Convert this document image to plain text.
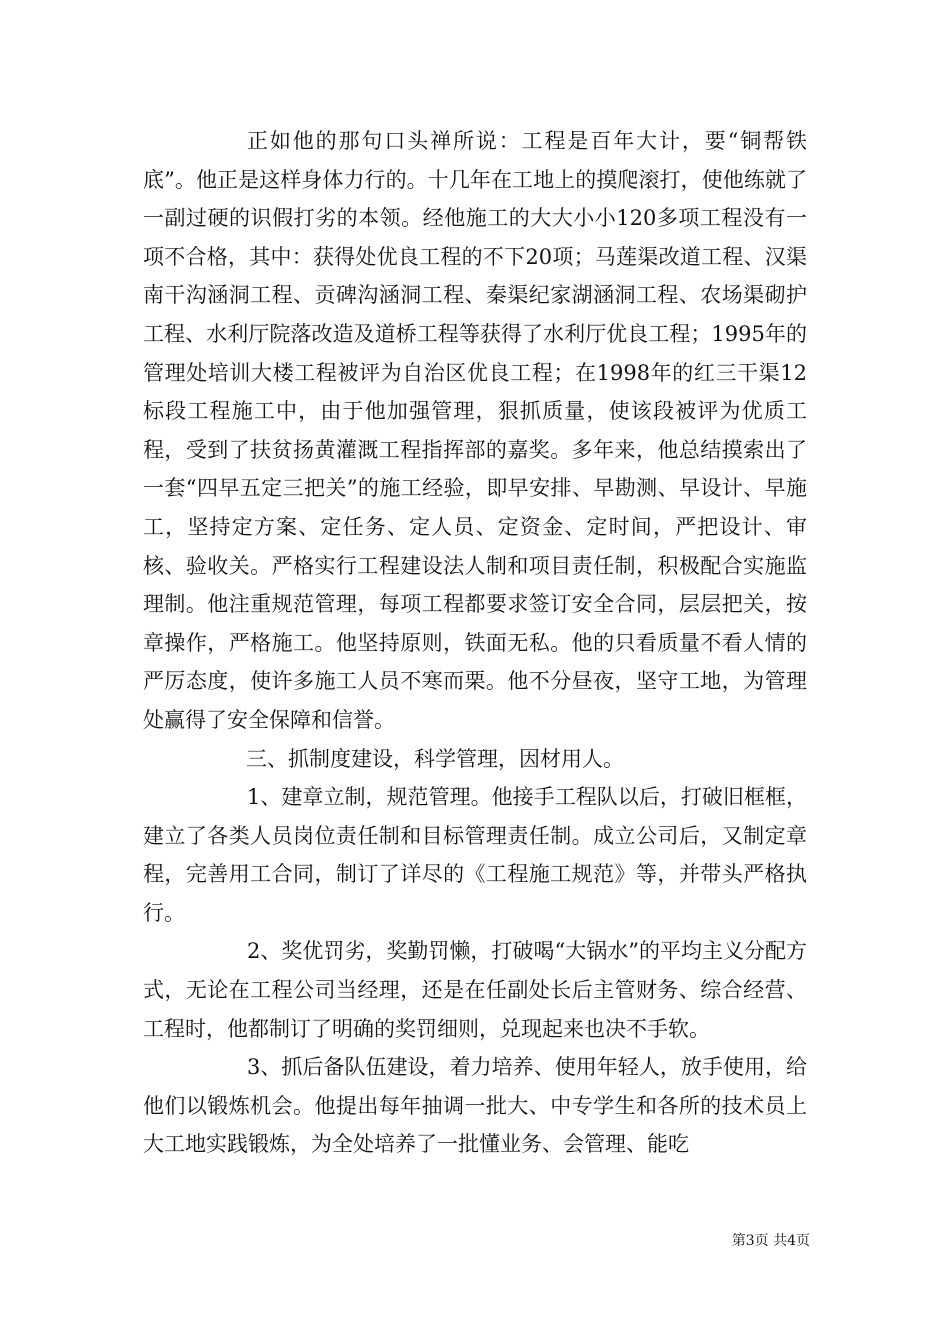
正如他的那句口头禅所说：工程是百年大计，要“铜帮铁底”。他正是这样身体力行的。十几年在工地上的摸爬滚打，使他练就了一副过硬的识假打劣的本领。经他施工的大大小小120多项工程没有一项不合格，其中：获得处优良工程的不下20项；马莲渠改道工程、汉渠南干沟涵洞工程、贡碑沟涵洞工程、秦渠纪家湖涵洞工程、农场渠砌护工程、水利厅院落改造及道桥工程等获得了水利厅优良工程；1995年的管理处培训大楼工程被评为自治区优良工程；在1998年的红三干渠12标段工程施工中，由于他加强管理，狠抓质量，使该段被评为优质工程，受到了扶贫扬黄灌溉工程指挥部的嘉奖。多年来，他总结摸索出了一套“四早五定三把关”的施工经验，即早安排、早勘测、早设计、早施工，坚持定方案、定任务、定人员、定资金、定时间，严把设计、审核、验收关。严格实行工程建设法人制和项目责任制，积极配合实施监理制。他注重规范管理，每项工程都要求签订安全合同，层层把关，按章操作，严格施工。他坚持原则，铁面无私。他的只看质量不看人情的严厉态度，使许多施工人员不寒而栗。他不分昼夜，坚守工地，为管理处赢得了安全保障和信誉。

三、抓制度建设，科学管理，因材用人。

1、建章立制，规范管理。他接手工程队以后，打破旧框框，建立了各类人员岗位责任制和目标管理责任制。成立公司后，又制定章程，完善用工合同，制订了详尽的《工程施工规范》等，并带头严格执行。

2、奖优罚劣，奖勤罚懒，打破喝“大锅水”的平均主义分配方式，无论在工程公司当经理，还是在任副处长后主管财务、综合经营、工程时，他都制订了明确的奖罚细则，兑现起来也决不手软。

3、抓后备队伍建设，着力培养、使用年轻人，放手使用，给他们以锻炼机会。他提出每年抽调一批大、中专学生和各所的技术员上大工地实践锻炼，为全处培养了一批懂业务、会管理、能吃

第3页 共4页
